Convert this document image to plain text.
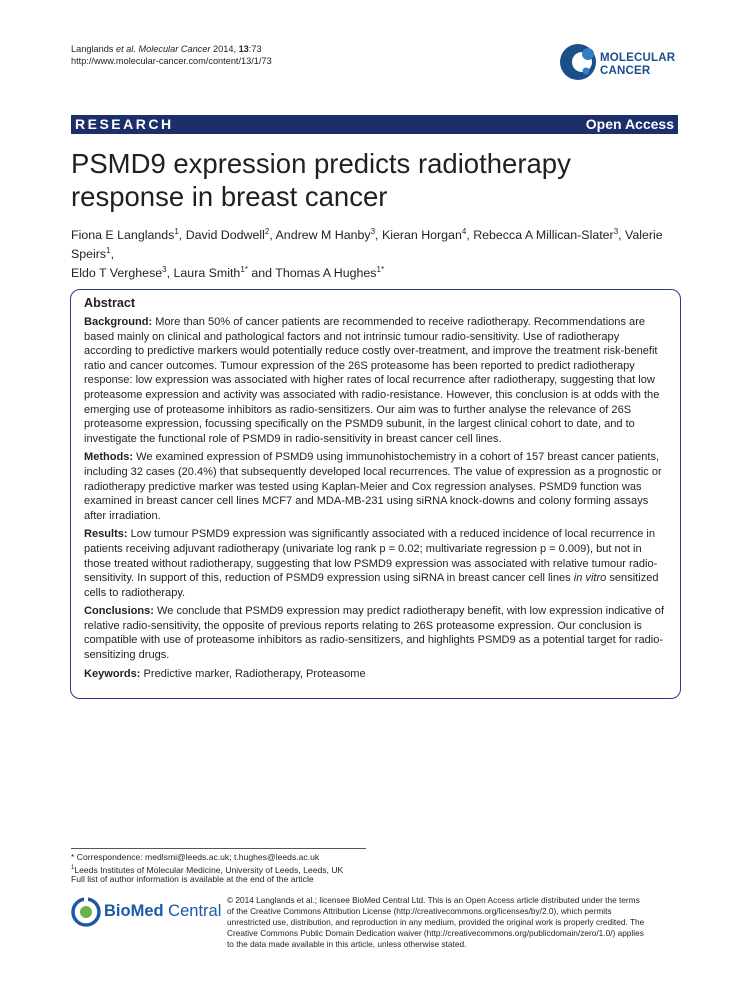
Langlands et al. Molecular Cancer 2014, 13:73
http://www.molecular-cancer.com/content/13/1/73	MOLECULAR
CANCER
RESEARCH	Open Access
PSMD9 expression predicts radiotherapy response in breast cancer
Fiona E Langlands$^1$, David Dodwell$^2$, Andrew M Hanby$^3$, Kieran Horgan$^4$, Rebecca A Millican-Slater$^3$, Valerie Speirs$^1$,
Eldo T Verghese$^3$, Laura Smith$^{1*}$ and Thomas A Hughes$^{1*}$
Abstract
Background: More than 50% of cancer patients are recommended to receive radiotherapy. Recommendations are based mainly on clinical and pathological factors and not intrinsic tumour radio-sensitivity. Use of radiotherapy according to predictive markers would potentially reduce costly over-treatment, and improve the treatment risk-benefit ratio and cancer outcomes. Tumour expression of the 26S proteasome has been reported to predict radiotherapy response: low expression was associated with higher rates of local recurrence after radiotherapy, suggesting that low proteasome expression and activity was associated with radio-resistance. However, this conclusion is at odds with the emerging use of proteasome inhibitors as radio-sensitizers. Our aim was to further analyse the relevance of 26S proteasome expression, focussing specifically on the PSMD9 subunit, in the largest clinical cohort to date, and to investigate the functional role of PSMD9 in radio-sensitivity in breast cancer cell lines.
Methods: We examined expression of PSMD9 using immunohistochemistry in a cohort of 157 breast cancer patients, including 32 cases (20.4%) that subsequently developed local recurrences. The value of expression as a prognostic or radiotherapy predictive marker was tested using Kaplan-Meier and Cox regression analyses. PSMD9 function was examined in breast cancer cell lines MCF7 and MDA-MB-231 using siRNA knock-downs and colony forming assays after irradiation.
Results: Low tumour PSMD9 expression was significantly associated with a reduced incidence of local recurrence in patients receiving adjuvant radiotherapy (univariate log rank p = 0.02; multivariate regression p = 0.009), but not in those treated without radiotherapy, suggesting that low PSMD9 expression was associated with relative tumour radio-sensitivity. In support of this, reduction of PSMD9 expression using siRNA in breast cancer cell lines in vitro sensitized cells to radiotherapy.
Conclusions: We conclude that PSMD9 expression may predict radiotherapy benefit, with low expression indicative of relative radio-sensitivity, the opposite of previous reports relating to 26S proteasome expression. Our conclusion is compatible with use of proteasome inhibitors as radio-sensitizers, and highlights PSMD9 as a potential target for radio-sensitizing drugs.
Keywords: Predictive marker, Radiotherapy, Proteasome
* Correspondence: medlsmi@leeds.ac.uk; t.hughes@leeds.ac.uk
$^1$Leeds Institutes of Molecular Medicine, University of Leeds, Leeds, UK
Full list of author information is available at the end of the article
BioMed Central
© 2014 Langlands et al.; licensee BioMed Central Ltd. This is an Open Access article distributed under the terms of the Creative Commons Attribution License (http://creativecommons.org/licenses/by/2.0), which permits unrestricted use, distribution, and reproduction in any medium, provided the original work is properly credited. The Creative Commons Public Domain Dedication waiver (http://creativecommons.org/publicdomain/zero/1.0/) applies to the data made available in this article, unless otherwise stated.
